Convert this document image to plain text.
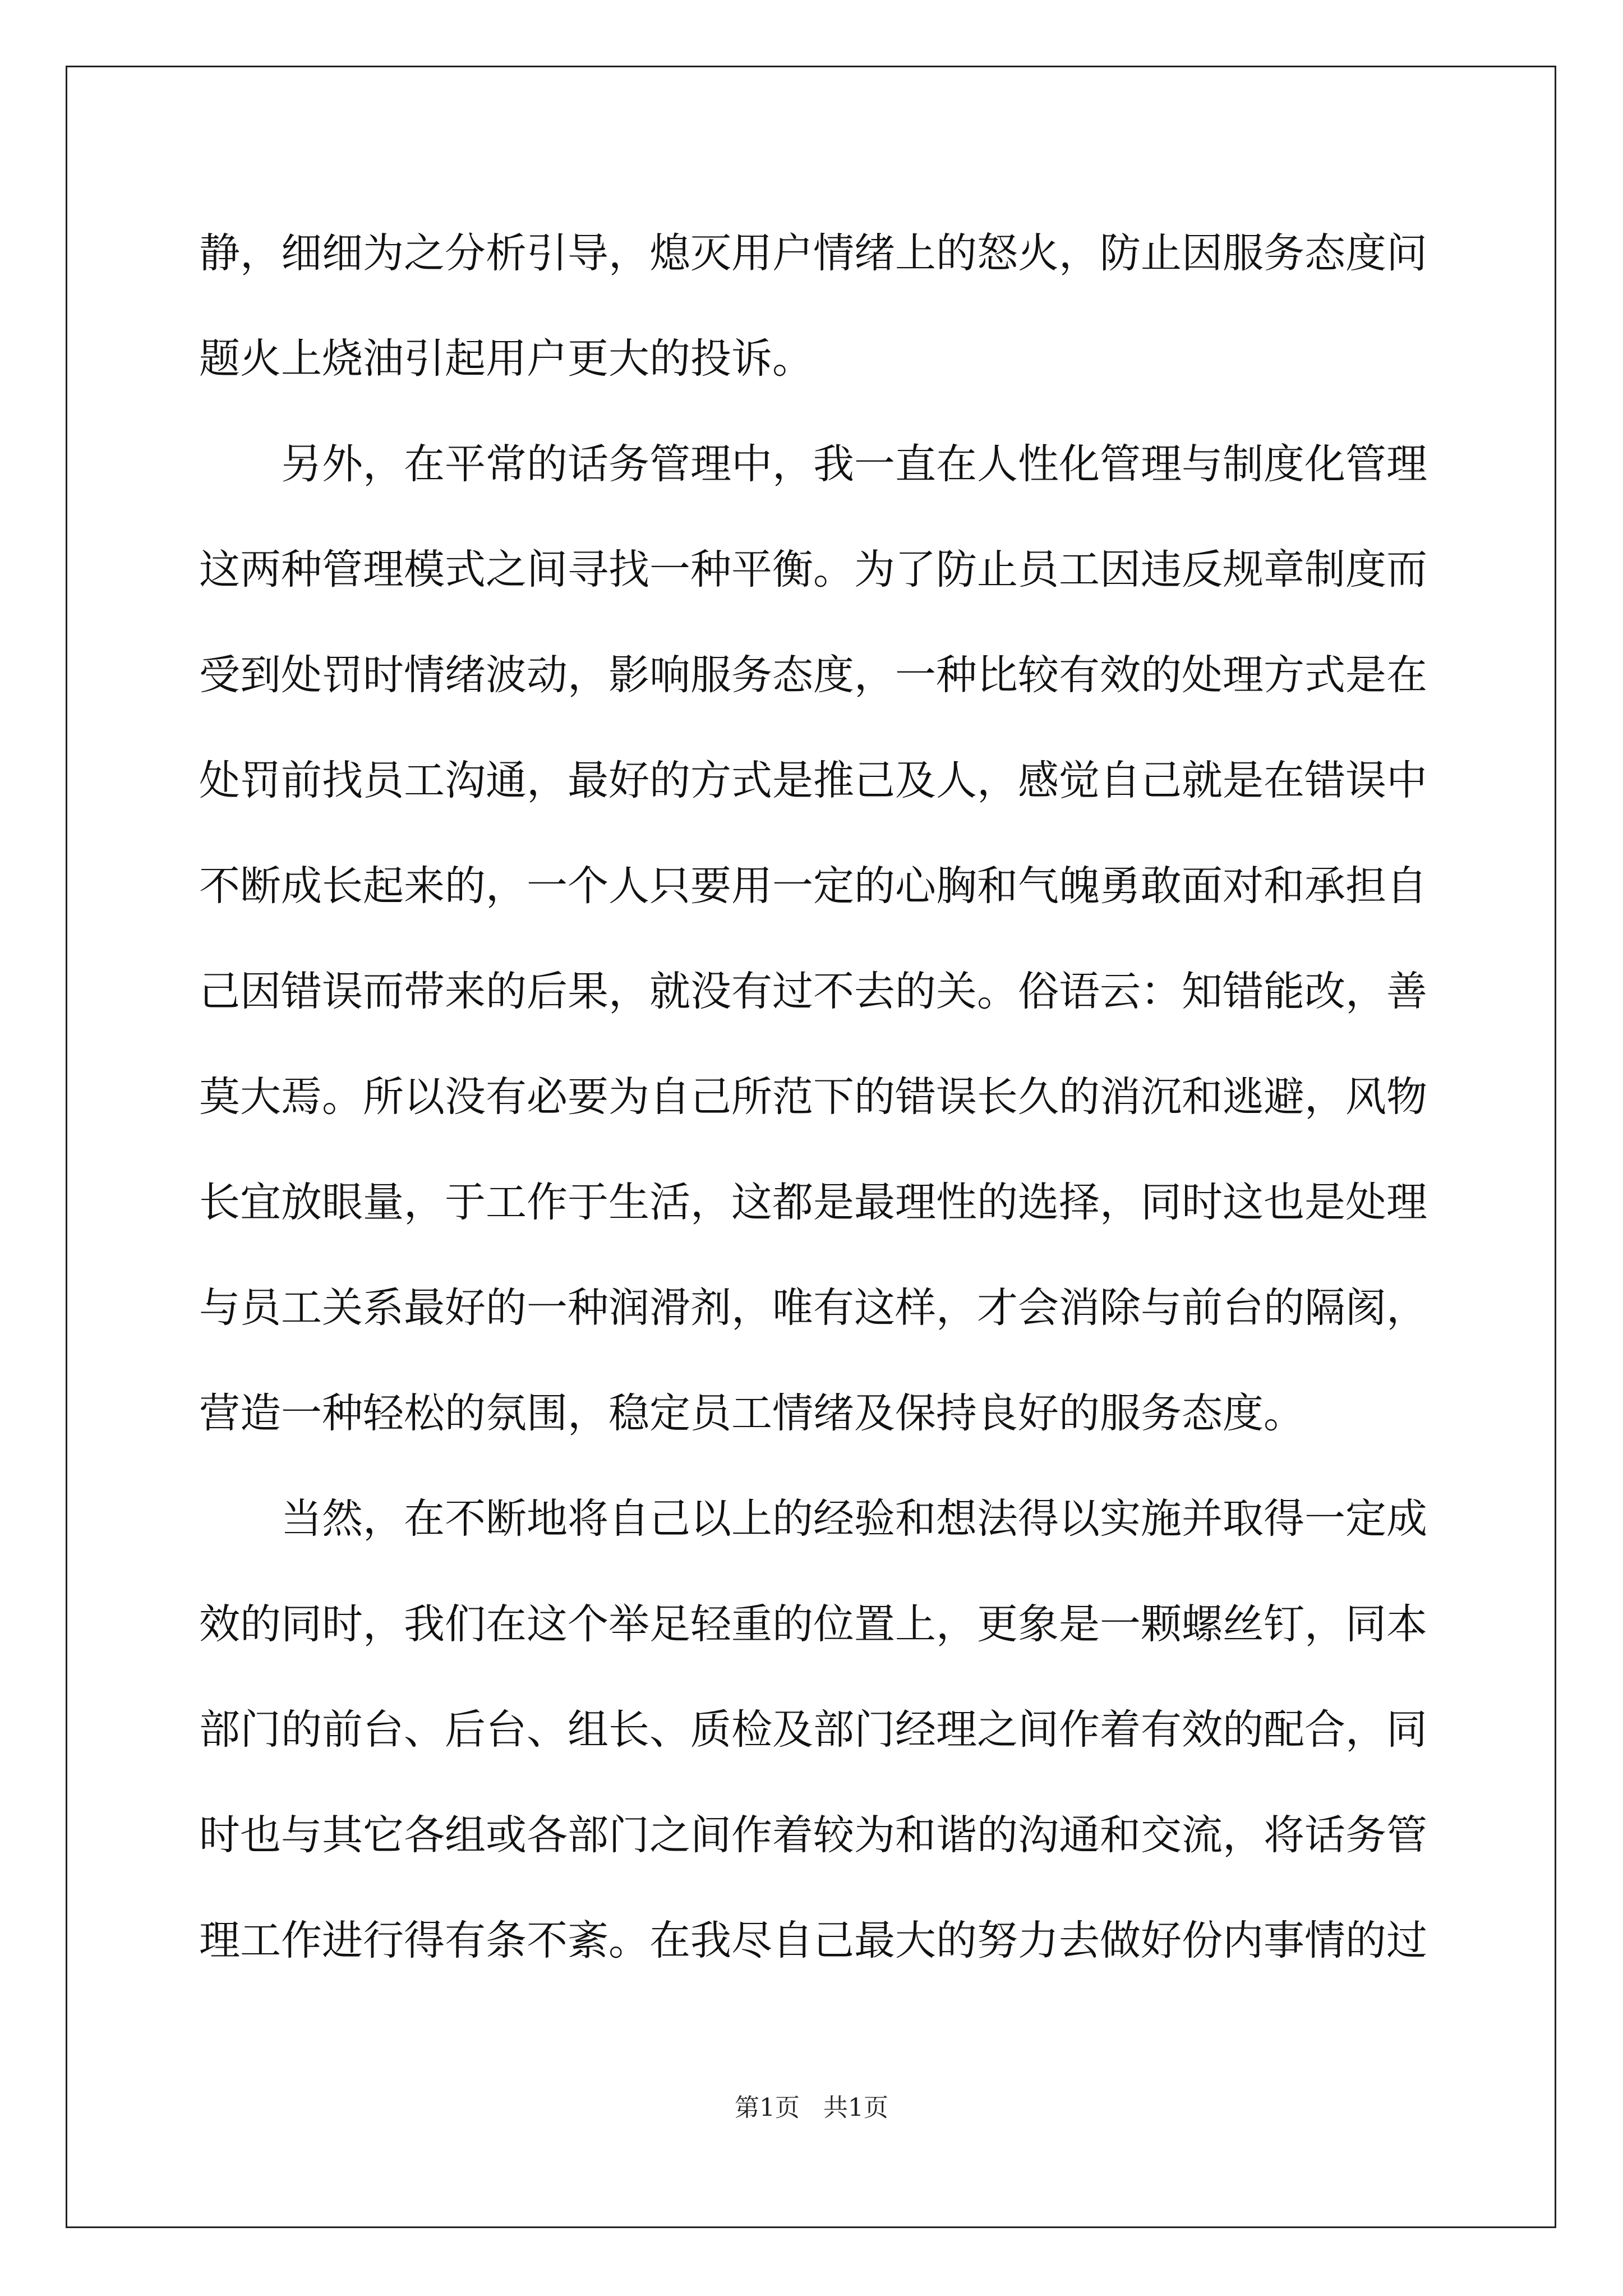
静，细细为之分析引导，熄灭用户情绪上的怒火，防止因服务态度问
题火上烧油引起用户更大的投诉。
　　另外，在平常的话务管理中，我一直在人性化管理与制度化管理
这两种管理模式之间寻找一种平衡。为了防止员工因违反规章制度而
受到处罚时情绪波动，影响服务态度，一种比较有效的处理方式是在
处罚前找员工沟通，最好的方式是推己及人，感觉自己就是在错误中
不断成长起来的，一个人只要用一定的心胸和气魄勇敢面对和承担自
己因错误而带来的后果，就没有过不去的关。俗语云：知错能改，善
莫大焉。所以没有必要为自己所范下的错误长久的消沉和逃避，风物
长宜放眼量，于工作于生活，这都是最理性的选择，同时这也是处理
与员工关系最好的一种润滑剂，唯有这样，才会消除与前台的隔阂，
营造一种轻松的氛围，稳定员工情绪及保持良好的服务态度。
　　当然，在不断地将自己以上的经验和想法得以实施并取得一定成
效的同时，我们在这个举足轻重的位置上，更象是一颗螺丝钉，同本
部门的前台、后台、组长、质检及部门经理之间作着有效的配合，同
时也与其它各组或各部门之间作着较为和谐的沟通和交流，将话务管
理工作进行得有条不紊。在我尽自己最大的努力去做好份内事情的过
第1页 共1页
